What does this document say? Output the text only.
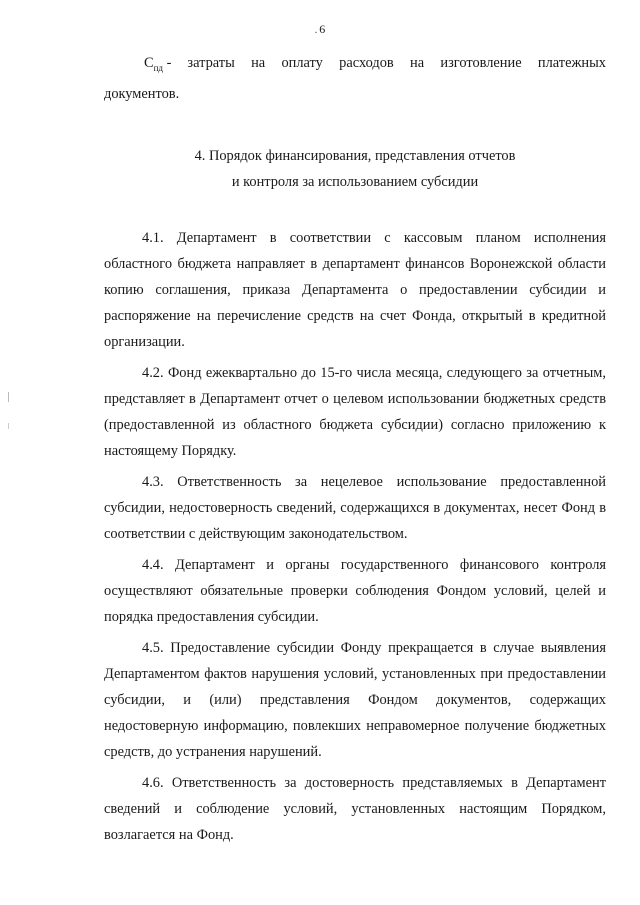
. 6
$С_{пд}$ -	затраты на оплату расходов на изготовление платежных
документов.
4. Порядок финансирования, представления отчетов
и контроля за использованием субсидии

4.1. Департамент в соответствии с кассовым планом исполнения областного бюджета направляет в департамент финансов Воронежской области копию соглашения, приказа Департамента о предоставлении субсидии и распоряжение на перечисление средств на счет Фонда, открытый в кредитной организации.

4.2. Фонд ежеквартально до 15-го числа месяца, следующего за отчетным, представляет в Департамент отчет о целевом использовании бюджетных средств (предоставленной из областного бюджета субсидии) согласно приложению к настоящему Порядку.

4.3. Ответственность за нецелевое использование предоставленной субсидии, недостоверность сведений, содержащихся в документах, несет Фонд в соответствии с действующим законодательством.

4.4. Департамент и органы государственного финансового контроля осуществляют обязательные проверки соблюдения Фондом условий, целей и порядка предоставления субсидии.

4.5. Предоставление субсидии Фонду прекращается в случае выявления Департаментом фактов нарушения условий, установленных при предоставлении субсидии, и (или) представления Фондом документов, содержащих недостоверную информацию, повлекших неправомерное получение бюджетных средств, до устранения нарушений.

4.6. Ответственность за достоверность представляемых в Департамент сведений и соблюдение условий, установленных настоящим Порядком, возлагается на Фонд.
